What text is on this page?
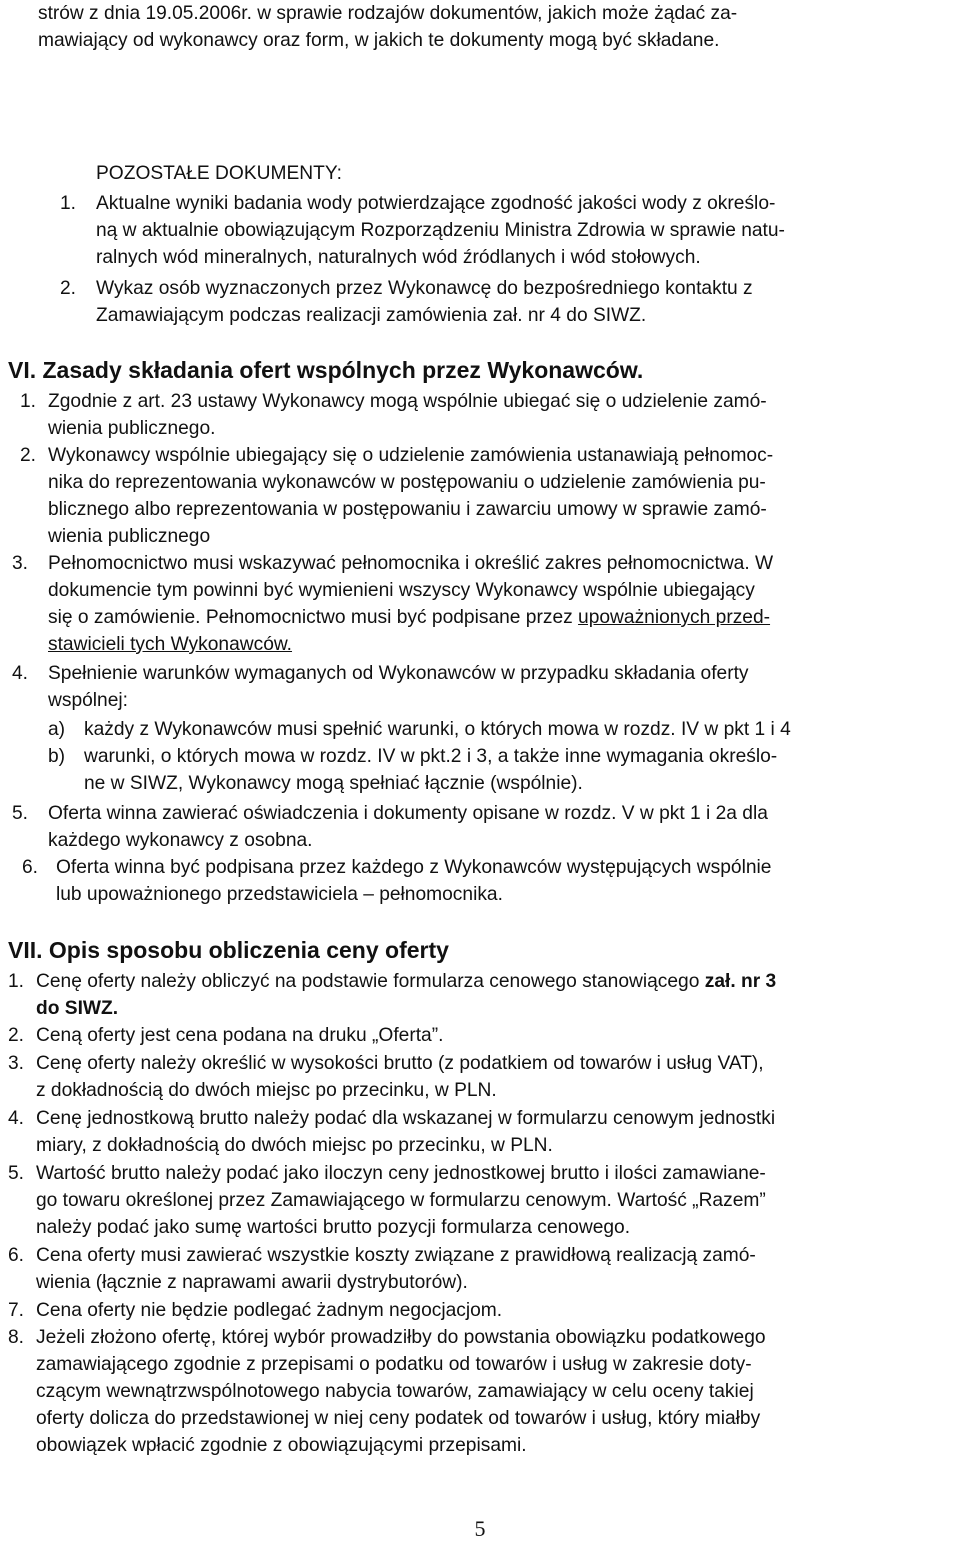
strów z dnia 19.05.2006r. w sprawie rodzajów dokumentów, jakich może żądać za-
mawiający od wykonawcy oraz form, w jakich te dokumenty mogą być składane.
POZOSTAŁE DOKUMENTY:
1. Aktualne wyniki badania wody potwierdzające zgodność jakości wody z określo-
ną w aktualnie obowiązującym Rozporządzeniu Ministra Zdrowia w sprawie natu-
ralnych wód mineralnych, naturalnych wód źródlanych i wód stołowych.
2. Wykaz osób wyznaczonych przez Wykonawcę do bezpośredniego kontaktu z
Zamawiającym podczas realizacji zamówienia zał. nr 4 do SIWZ.
VI. Zasady składania ofert wspólnych przez Wykonawców.
1. Zgodnie z art. 23 ustawy Wykonawcy mogą wspólnie ubiegać się o udzielenie zamó-
wienia publicznego.
2. Wykonawcy wspólnie ubiegający się o udzielenie zamówienia ustanawiają pełnomoc-
nika do reprezentowania wykonawców w postępowaniu o udzielenie zamówienia pu-
blicznego albo reprezentowania w postępowaniu i zawarciu umowy w sprawie zamó-
wienia publicznego
3. Pełnomocnictwo musi wskazywać pełnomocnika i określić zakres pełnomocnictwa. W
dokumencie tym powinni być wymienieni wszyscy Wykonawcy wspólnie ubiegający
się o zamówienie. Pełnomocnictwo musi być podpisane przez upoważnionych przed-
stawicieli tych Wykonawców.
4. Spełnienie warunków wymaganych od Wykonawców w przypadku składania oferty
wspólnej:
a) każdy z Wykonawców musi spełnić warunki, o których mowa w rozdz. IV w pkt 1 i 4
b) warunki, o których mowa w rozdz. IV w pkt.2 i 3, a także inne wymagania określo-
ne w SIWZ, Wykonawcy mogą spełniać łącznie (wspólnie).
5. Oferta winna zawierać oświadczenia i dokumenty opisane w rozdz. V w pkt 1 i 2a dla
każdego wykonawcy z osobna.
6. Oferta winna być podpisana przez każdego z Wykonawców występujących wspólnie
lub upoważnionego przedstawiciela – pełnomocnika.
VII. Opis sposobu obliczenia ceny oferty
1. Cenę oferty należy obliczyć na podstawie formularza cenowego stanowiącego zał. nr 3
do SIWZ.
2. Ceną oferty jest cena podana na druku „Oferta”.
3. Cenę oferty należy określić w wysokości brutto (z podatkiem od towarów i usług VAT),
z dokładnością do dwóch miejsc po przecinku, w PLN.
4. Cenę jednostkową brutto należy podać dla wskazanej w formularzu cenowym jednostki
miary, z dokładnością do dwóch miejsc po przecinku, w PLN.
5. Wartość brutto należy podać jako iloczyn ceny jednostkowej brutto i ilości zamawiane-
go towaru określonej przez Zamawiającego w formularzu cenowym. Wartość „Razem”
należy podać jako sumę wartości brutto pozycji formularza cenowego.
6. Cena oferty musi zawierać wszystkie koszty związane z prawidłową realizacją zamó-
wienia (łącznie z naprawami awarii dystrybutorów).
7. Cena oferty nie będzie podlegać żadnym negocjacjom.
8. Jeżeli złożono ofertę, której wybór prowadziłby do powstania obowiązku podatkowego
zamawiającego zgodnie z przepisami o podatku od towarów i usług w zakresie doty-
czącym wewnątrzwspólnotowego nabycia towarów, zamawiający w celu oceny takiej
oferty dolicza do przedstawionej w niej ceny podatek od towarów i usług, który miałby
obowiązek wpłacić zgodnie z obowiązującymi przepisami.
5
